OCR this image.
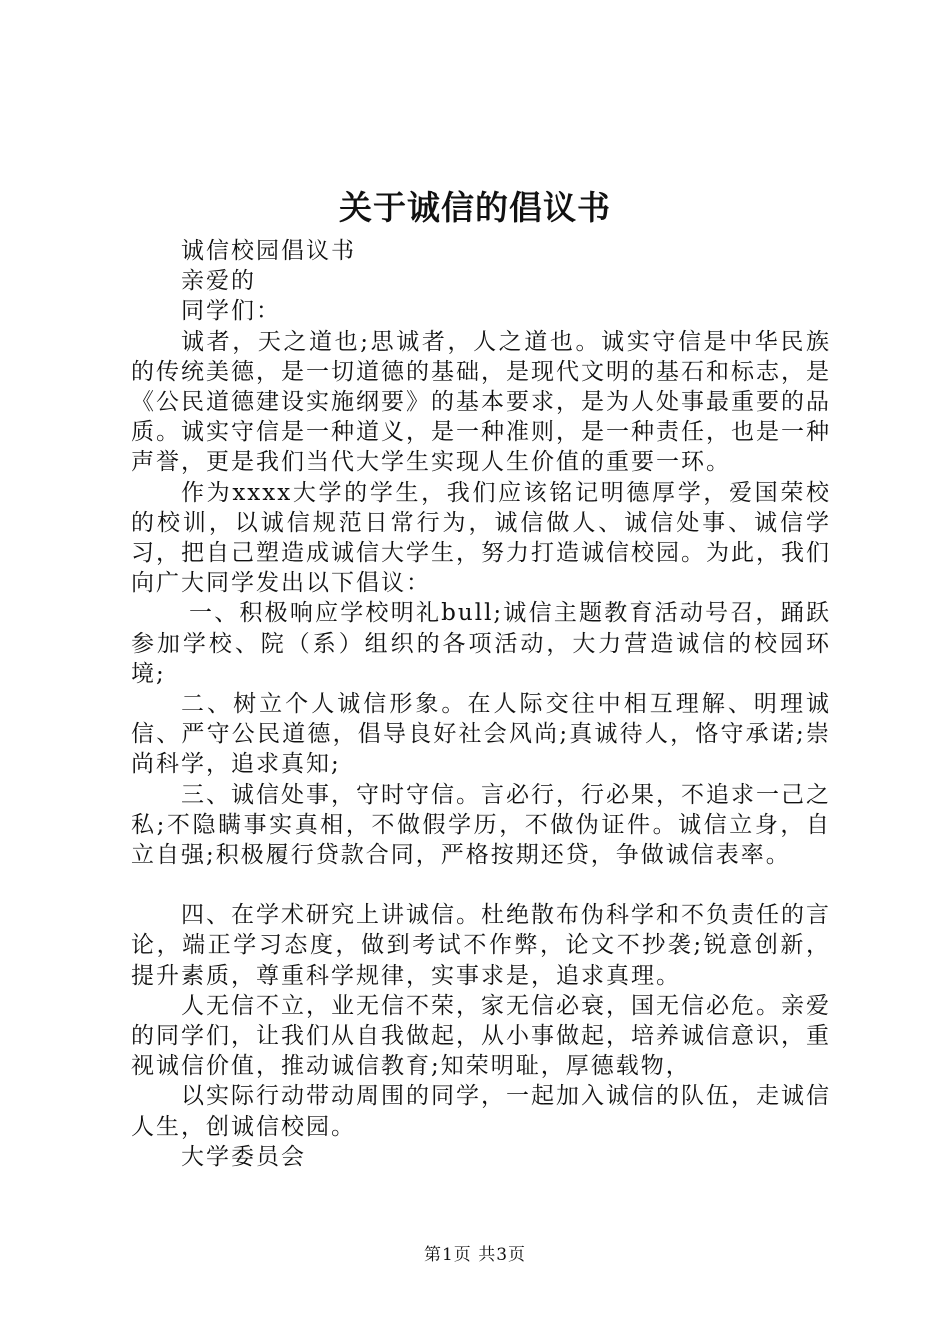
关于诚信的倡议书

诚信校园倡议书

亲爱的

同学们：

诚者，天之道也;思诚者，人之道也。诚实守信是中华民族的传统美德，是一切道德的基础，是现代文明的基石和标志，是《公民道德建设实施纲要》的基本要求，是为人处事最重要的品质。诚实守信是一种道义，是一种准则，是一种责任，也是一种声誉，更是我们当代大学生实现人生价值的重要一环。

作为xxxx大学的学生，我们应该铭记明德厚学，爱国荣校的校训，以诚信规范日常行为，诚信做人、诚信处事、诚信学习，把自己塑造成诚信大学生，努力打造诚信校园。为此，我们向广大同学发出以下倡议：

一、积极响应学校明礼bull;诚信主题教育活动号召，踊跃参加学校、院（系）组织的各项活动，大力营造诚信的校园环境;

二、树立个人诚信形象。在人际交往中相互理解、明理诚信、严守公民道德，倡导良好社会风尚;真诚待人，恪守承诺;崇尚科学，追求真知;

三、诚信处事，守时守信。言必行，行必果，不追求一己之私;不隐瞒事实真相，不做假学历，不做伪证件。诚信立身，自立自强;积极履行贷款合同，严格按期还贷，争做诚信表率。

四、在学术研究上讲诚信。杜绝散布伪科学和不负责任的言论，端正学习态度，做到考试不作弊，论文不抄袭;锐意创新，提升素质，尊重科学规律，实事求是，追求真理。

人无信不立，业无信不荣，家无信必衰，国无信必危。亲爱的同学们，让我们从自我做起，从小事做起，培养诚信意识，重视诚信价值，推动诚信教育;知荣明耻，厚德载物，

以实际行动带动周围的同学，一起加入诚信的队伍，走诚信人生，创诚信校园。

大学委员会

第1页 共3页
